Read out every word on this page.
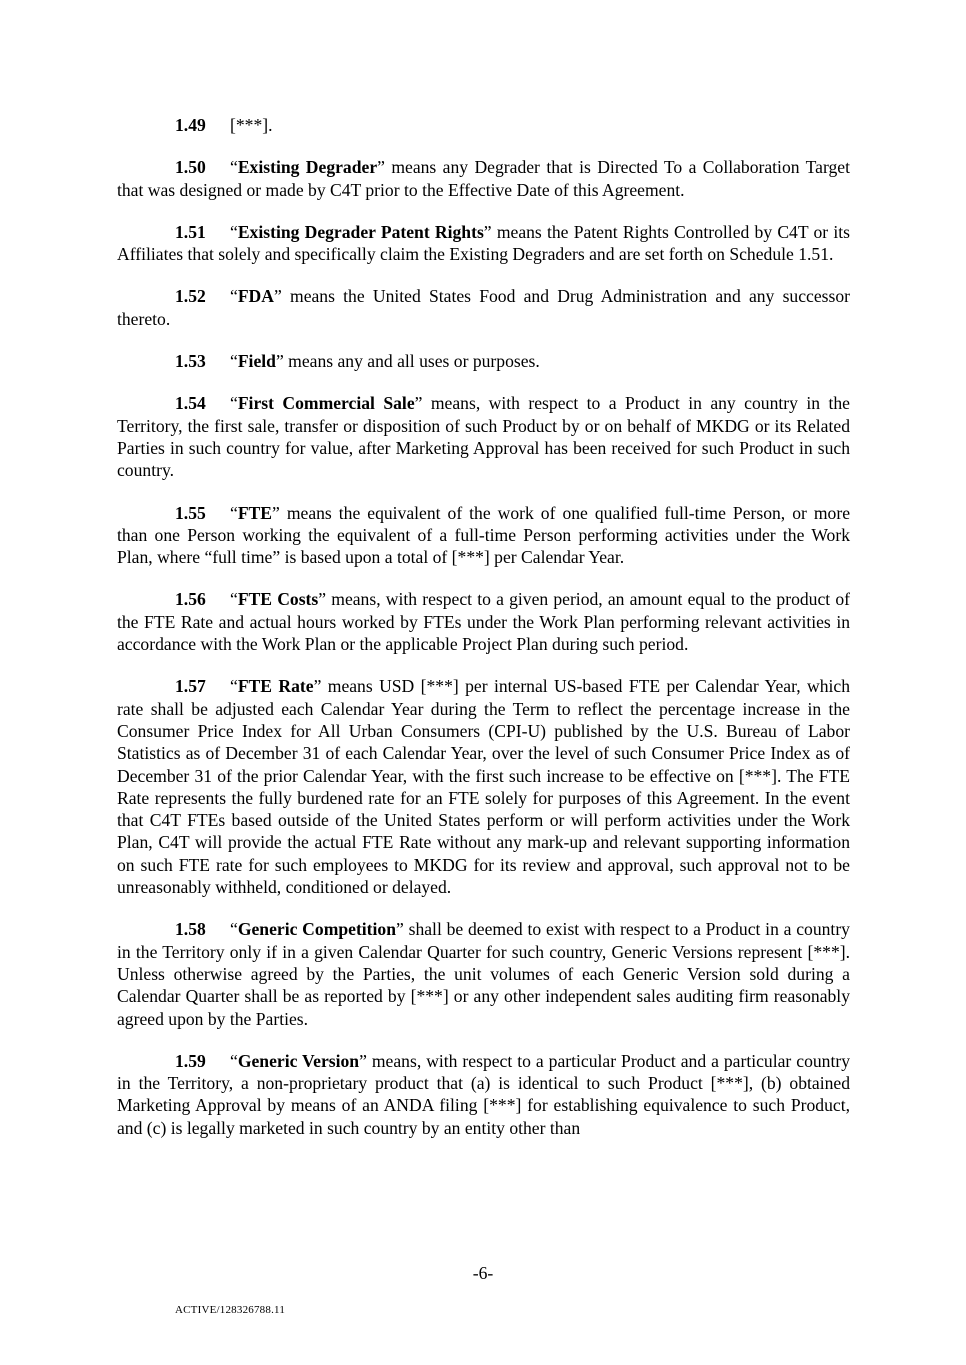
1.49 [***].

1.50 “Existing Degrader” means any Degrader that is Directed To a Collaboration Target that was designed or made by C4T prior to the Effective Date of this Agreement.

1.51 “Existing Degrader Patent Rights” means the Patent Rights Controlled by C4T or its Affiliates that solely and specifically claim the Existing Degraders and are set forth on Schedule 1.51.

1.52 “FDA” means the United States Food and Drug Administration and any successor thereto.

1.53 “Field” means any and all uses or purposes.

1.54 “First Commercial Sale” means, with respect to a Product in any country in the Territory, the first sale, transfer or disposition of such Product by or on behalf of MKDG or its Related Parties in such country for value, after Marketing Approval has been received for such Product in such country.

1.55 “FTE” means the equivalent of the work of one qualified full-time Person, or more than one Person working the equivalent of a full-time Person performing activities under the Work Plan, where “full time” is based upon a total of [***] per Calendar Year.

1.56 “FTE Costs” means, with respect to a given period, an amount equal to the product of the FTE Rate and actual hours worked by FTEs under the Work Plan performing relevant activities in accordance with the Work Plan or the applicable Project Plan during such period.

1.57 “FTE Rate” means USD [***] per internal US-based FTE per Calendar Year, which rate shall be adjusted each Calendar Year during the Term to reflect the percentage increase in the Consumer Price Index for All Urban Consumers (CPI-U) published by the U.S. Bureau of Labor Statistics as of December 31 of each Calendar Year, over the level of such Consumer Price Index as of December 31 of the prior Calendar Year, with the first such increase to be effective on [***]. The FTE Rate represents the fully burdened rate for an FTE solely for purposes of this Agreement. In the event that C4T FTEs based outside of the United States perform or will perform activities under the Work Plan, C4T will provide the actual FTE Rate without any mark-up and relevant supporting information on such FTE rate for such employees to MKDG for its review and approval, such approval not to be unreasonably withheld, conditioned or delayed.

1.58 “Generic Competition” shall be deemed to exist with respect to a Product in a country in the Territory only if in a given Calendar Quarter for such country, Generic Versions represent [***]. Unless otherwise agreed by the Parties, the unit volumes of each Generic Version sold during a Calendar Quarter shall be as reported by [***] or any other independent sales auditing firm reasonably agreed upon by the Parties.

1.59 “Generic Version” means, with respect to a particular Product and a particular country in the Territory, a non-proprietary product that (a) is identical to such Product [***], (b) obtained Marketing Approval by means of an ANDA filing [***] for establishing equivalence to such Product, and (c) is legally marketed in such country by an entity other than

-6-
ACTIVE/128326788.11
